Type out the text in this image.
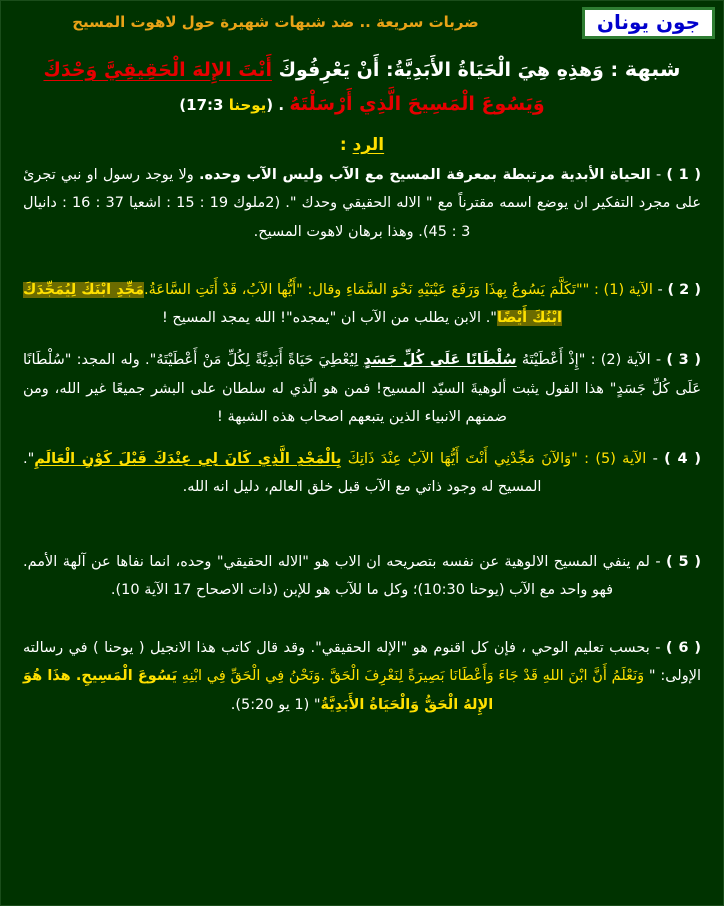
جون يونان
ضربات سريعة .. ضد شبهات شهيرة حول لاهوت المسيح
شبهة : وَهذِهِ هِيَ الْحَيَاةُ الأَبَدِيَّةُ: أَنْ يَعْرِفُوكَ أَنْتَ الإِلهَ الْحَقِيقِيَّ وَحْدَكَ
وَيَسُوعَ الْمَسِيحَ الَّذِي أَرْسَلْتَهُ . (يوحنا 17:3)
الرد :
( 1 ) - الحياة الأبدية مرتبطة بمعرفة المسيح مع الآب وليس الآب وحده. ولا يوجد رسول او نبي تجرئ على مجرد التفكير ان يوضع اسمه مقترناً مع " الاله الحقيقي وحدك ". (2ملوك 19 : 15 : اشعيا 37 : 16 : دانيال 3 : 45). وهذا برهان لاهوت المسيح.
( 2 ) - الآية (1) : ""تَكَلَّمَ يَسُوعُ بِهذَا وَرَفَعَ عَيْنَيْهِ نَحْوَ السَّمَاءِ وقال: "أَيُّها الآبُ، قَدْ أَتَتِ السَّاعَةُ.مَجِّدِ ابْنَكَ لِيُمَجِّدَكَ ابْنُكَ أَيْضًا". الابن يطلب من الآب ان "يمجده"! الله يمجد المسيح !
( 3 ) - الآية (2) : "إِذْ أَعْطَيْتَهُ سُلْطَانًا عَلَى كُلِّ جَسَدٍ لِيُعْطِيَ حَيَاةً أَبَدِيَّةً لِكُلِّ مَنْ أَعْطَيْتَهُ". وله المجد: "سُلْطَانًا عَلَى كُلِّ جَسَدٍ" هذا القول يثبت ألوهيةَ السيّد المسيح! فمن هو الّذي له سلطان على البشر جميعًا غير الله، ومن ضمنهم الانبياء الذين يتبعهم اصحاب هذه الشبهة !
( 4 ) - الآية (5) : "وَالآنَ مَجِّدْنِي أَنْتَ أَيُّهَا الآبُ عِنْدَ ذَاتِكَ بِالْمَجْدِ الَّذِي كَانَ لِي عِنْدَكَ قَبْلَ كَوْنِ الْعَالَمِ". المسيح له وجود ذاتي مع الآب قبل خلق العالم، دليل انه الله.
( 5 ) - لم ينفي المسيح الالوهية عن نفسه بتصريحه ان الاب هو "الاله الحقيقي" وحده، انما نفاها عن آلهة الأمم. فهو واحد مع الآب (يوحنا 10:30)؛ وكل ما للآب هو للإبن (ذات الاصحاح 17 الآية 10).
( 6 ) - بحسب تعليم الوحي ، فإن كل اقنوم هو "الإله الحقيقي". وقد قال كاتب هذا الانجيل ( يوحنا ) في رسالته الإولى: " وَنَعْلَمُ أَنَّ ابْنَ اللهِ قَدْ جَاءَ وَأَعْطَانَا بَصِيرَةً لِنَعْرِفَ الْحَقَّ .وَنَحْنُ فِي الْحَقِّ فِي ابْنِهِ يَسُوعَ الْمَسِيحِ. هذَا هُوَ الإِلهُ الْحَقُّ وَالْحَيَاةُ الأَبَدِيَّةُ" (1 يو 5:20).
